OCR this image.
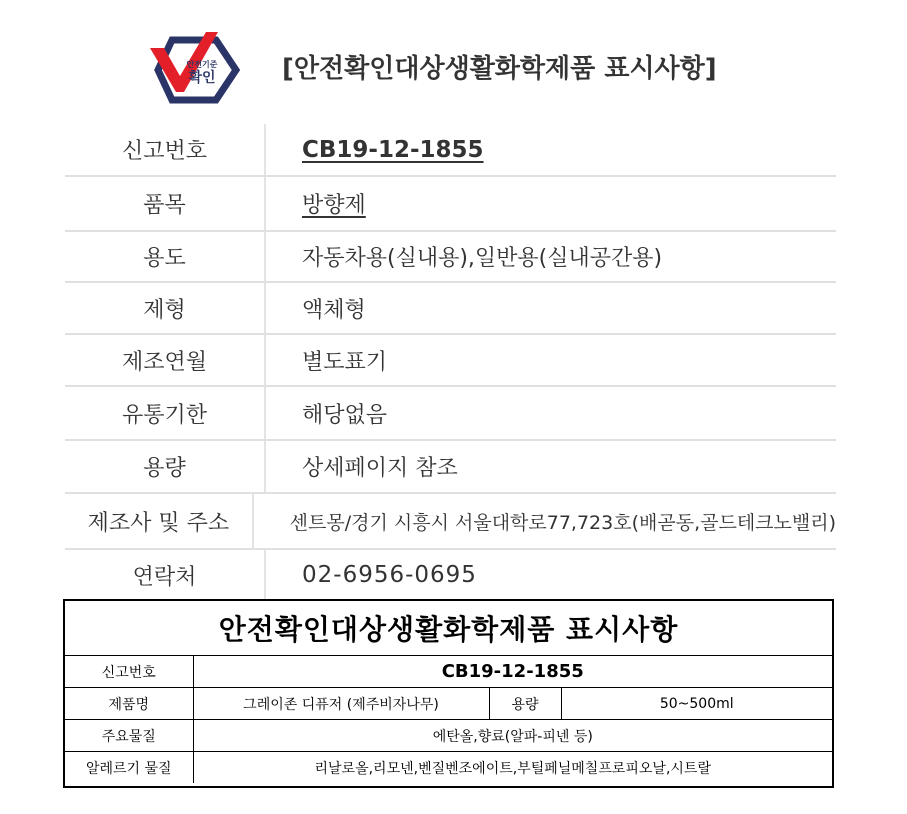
안전기준
확인	[안전확인대상생활화학제품 표시사항]
신고번호	CB19-12-1855
품목	방향제
용도	자동차용(실내용),일반용(실내공간용)
제형	액체형
제조연월	별도표기
유통기한	해당없음
용량	상세페이지 참조
제조사 및 주소	센트몽/경기 시흥시 서울대학로77,723호(배곧동,골드테크노밸리)
연락처	02-6956-0695
안전확인대상생활화학제품 표시사항
신고번호	CB19-12-1855		
제품명	그레이존 디퓨저 (제주비자나무)	용량	50~500ml
주요물질	에탄올,향료(알파-피넨 등)		
알레르기 물질	리날로올,리모넨,벤질벤조에이트,부틸페닐메칠프로피오날,시트랄		
